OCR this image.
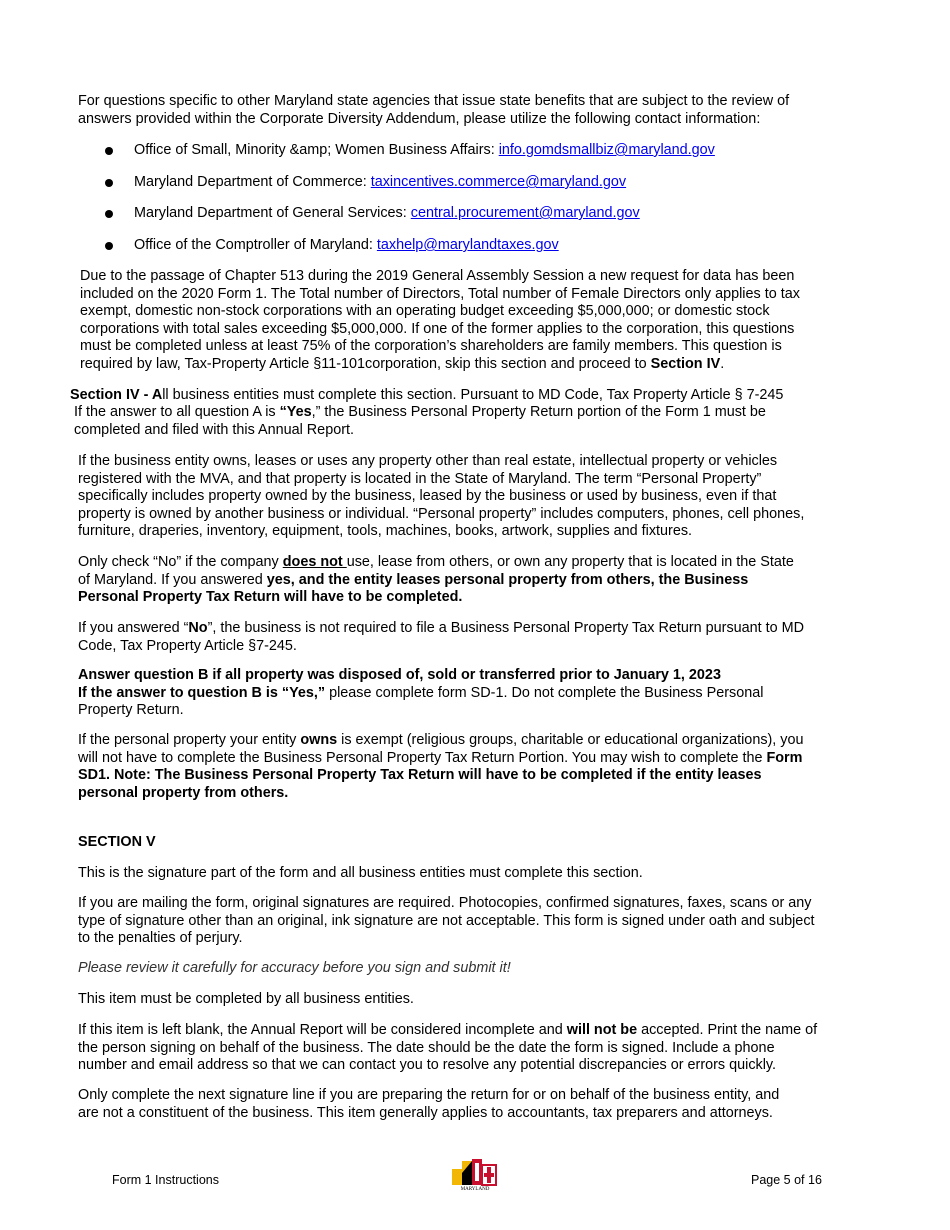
For questions specific to other Maryland state agencies that issue state benefits that are subject to the review of

answers provided within the Corporate Diversity Addendum, please utilize the following contact information:

Office of Small, Minority &amp; Women Business Affairs: info.gomdsmallbiz@maryland.gov
Maryland Department of Commerce: taxincentives.commerce@maryland.gov
Maryland Department of General Services: central.procurement@maryland.gov
Office of the Comptroller of Maryland: taxhelp@marylandtaxes.gov

Due to the passage of Chapter 513 during the 2019 General Assembly Session a new request for data has been

included on the 2020 Form 1. The Total number of Directors, Total number of Female Directors only applies to tax

exempt, domestic non-stock corporations with an operating budget exceeding $5,000,000; or domestic stock

corporations with total sales exceeding $5,000,000. If one of the former applies to the corporation, this questions

must be completed unless at least 75% of the corporation’s shareholders are family members. This question is

required by law, Tax-Property Article §11-101corporation, skip this section and proceed to Section IV.

Section IV - All business entities must complete this section. Pursuant to MD Code, Tax Property Article § 7-245

If the answer to all question A is “Yes,” the Business Personal Property Return portion of the Form 1 must be

completed and filed with this Annual Report.

If the business entity owns, leases or uses any property other than real estate, intellectual property or vehicles

registered with the MVA, and that property is located in the State of Maryland. The term “Personal Property”

specifically includes property owned by the business, leased by the business or used by business, even if that

property is owned by another business or individual. “Personal property” includes computers, phones, cell phones,

furniture, draperies, inventory, equipment, tools, machines, books, artwork, supplies and fixtures.

Only check “No” if the company does not use, lease from others, or own any property that is located in the State

of Maryland. If you answered yes, and the entity leases personal property from others, the Business

Personal Property Tax Return will have to be completed.

If you answered “No”, the business is not required to file a Business Personal Property Tax Return pursuant to MD

Code, Tax Property Article §7-245.

Answer question B if all property was disposed of, sold or transferred prior to January 1, 2023

If the answer to question B is “Yes,” please complete form SD-1. Do not complete the Business Personal

Property Return.

If the personal property your entity owns is exempt (religious groups, charitable or educational organizations), you

will not have to complete the Business Personal Property Tax Return Portion. You may wish to complete the Form

SD1. Note: The Business Personal Property Tax Return will have to be completed if the entity leases

personal property from others.

SECTION V
This is the signature part of the form and all business entities must complete this section.

If you are mailing the form, original signatures are required. Photocopies, confirmed signatures, faxes, scans or any

type of signature other than an original, ink signature are not acceptable. This form is signed under oath and subject

to the penalties of perjury.

Please review it carefully for accuracy before you sign and submit it!
This item must be completed by all business entities.

If this item is left blank, the Annual Report will be considered incomplete and will not be accepted. Print the name of

the person signing on behalf of the business. The date should be the date the form is signed. Include a phone

number and email address so that we can contact you to resolve any potential discrepancies or errors quickly.

Only complete the next signature line if you are preparing the return for or on behalf of the business entity, and

are not a constituent of the business. This item generally applies to accountants, tax preparers and attorneys.

Form 1 Instructions
MARYLAND
Page 5 of 16
